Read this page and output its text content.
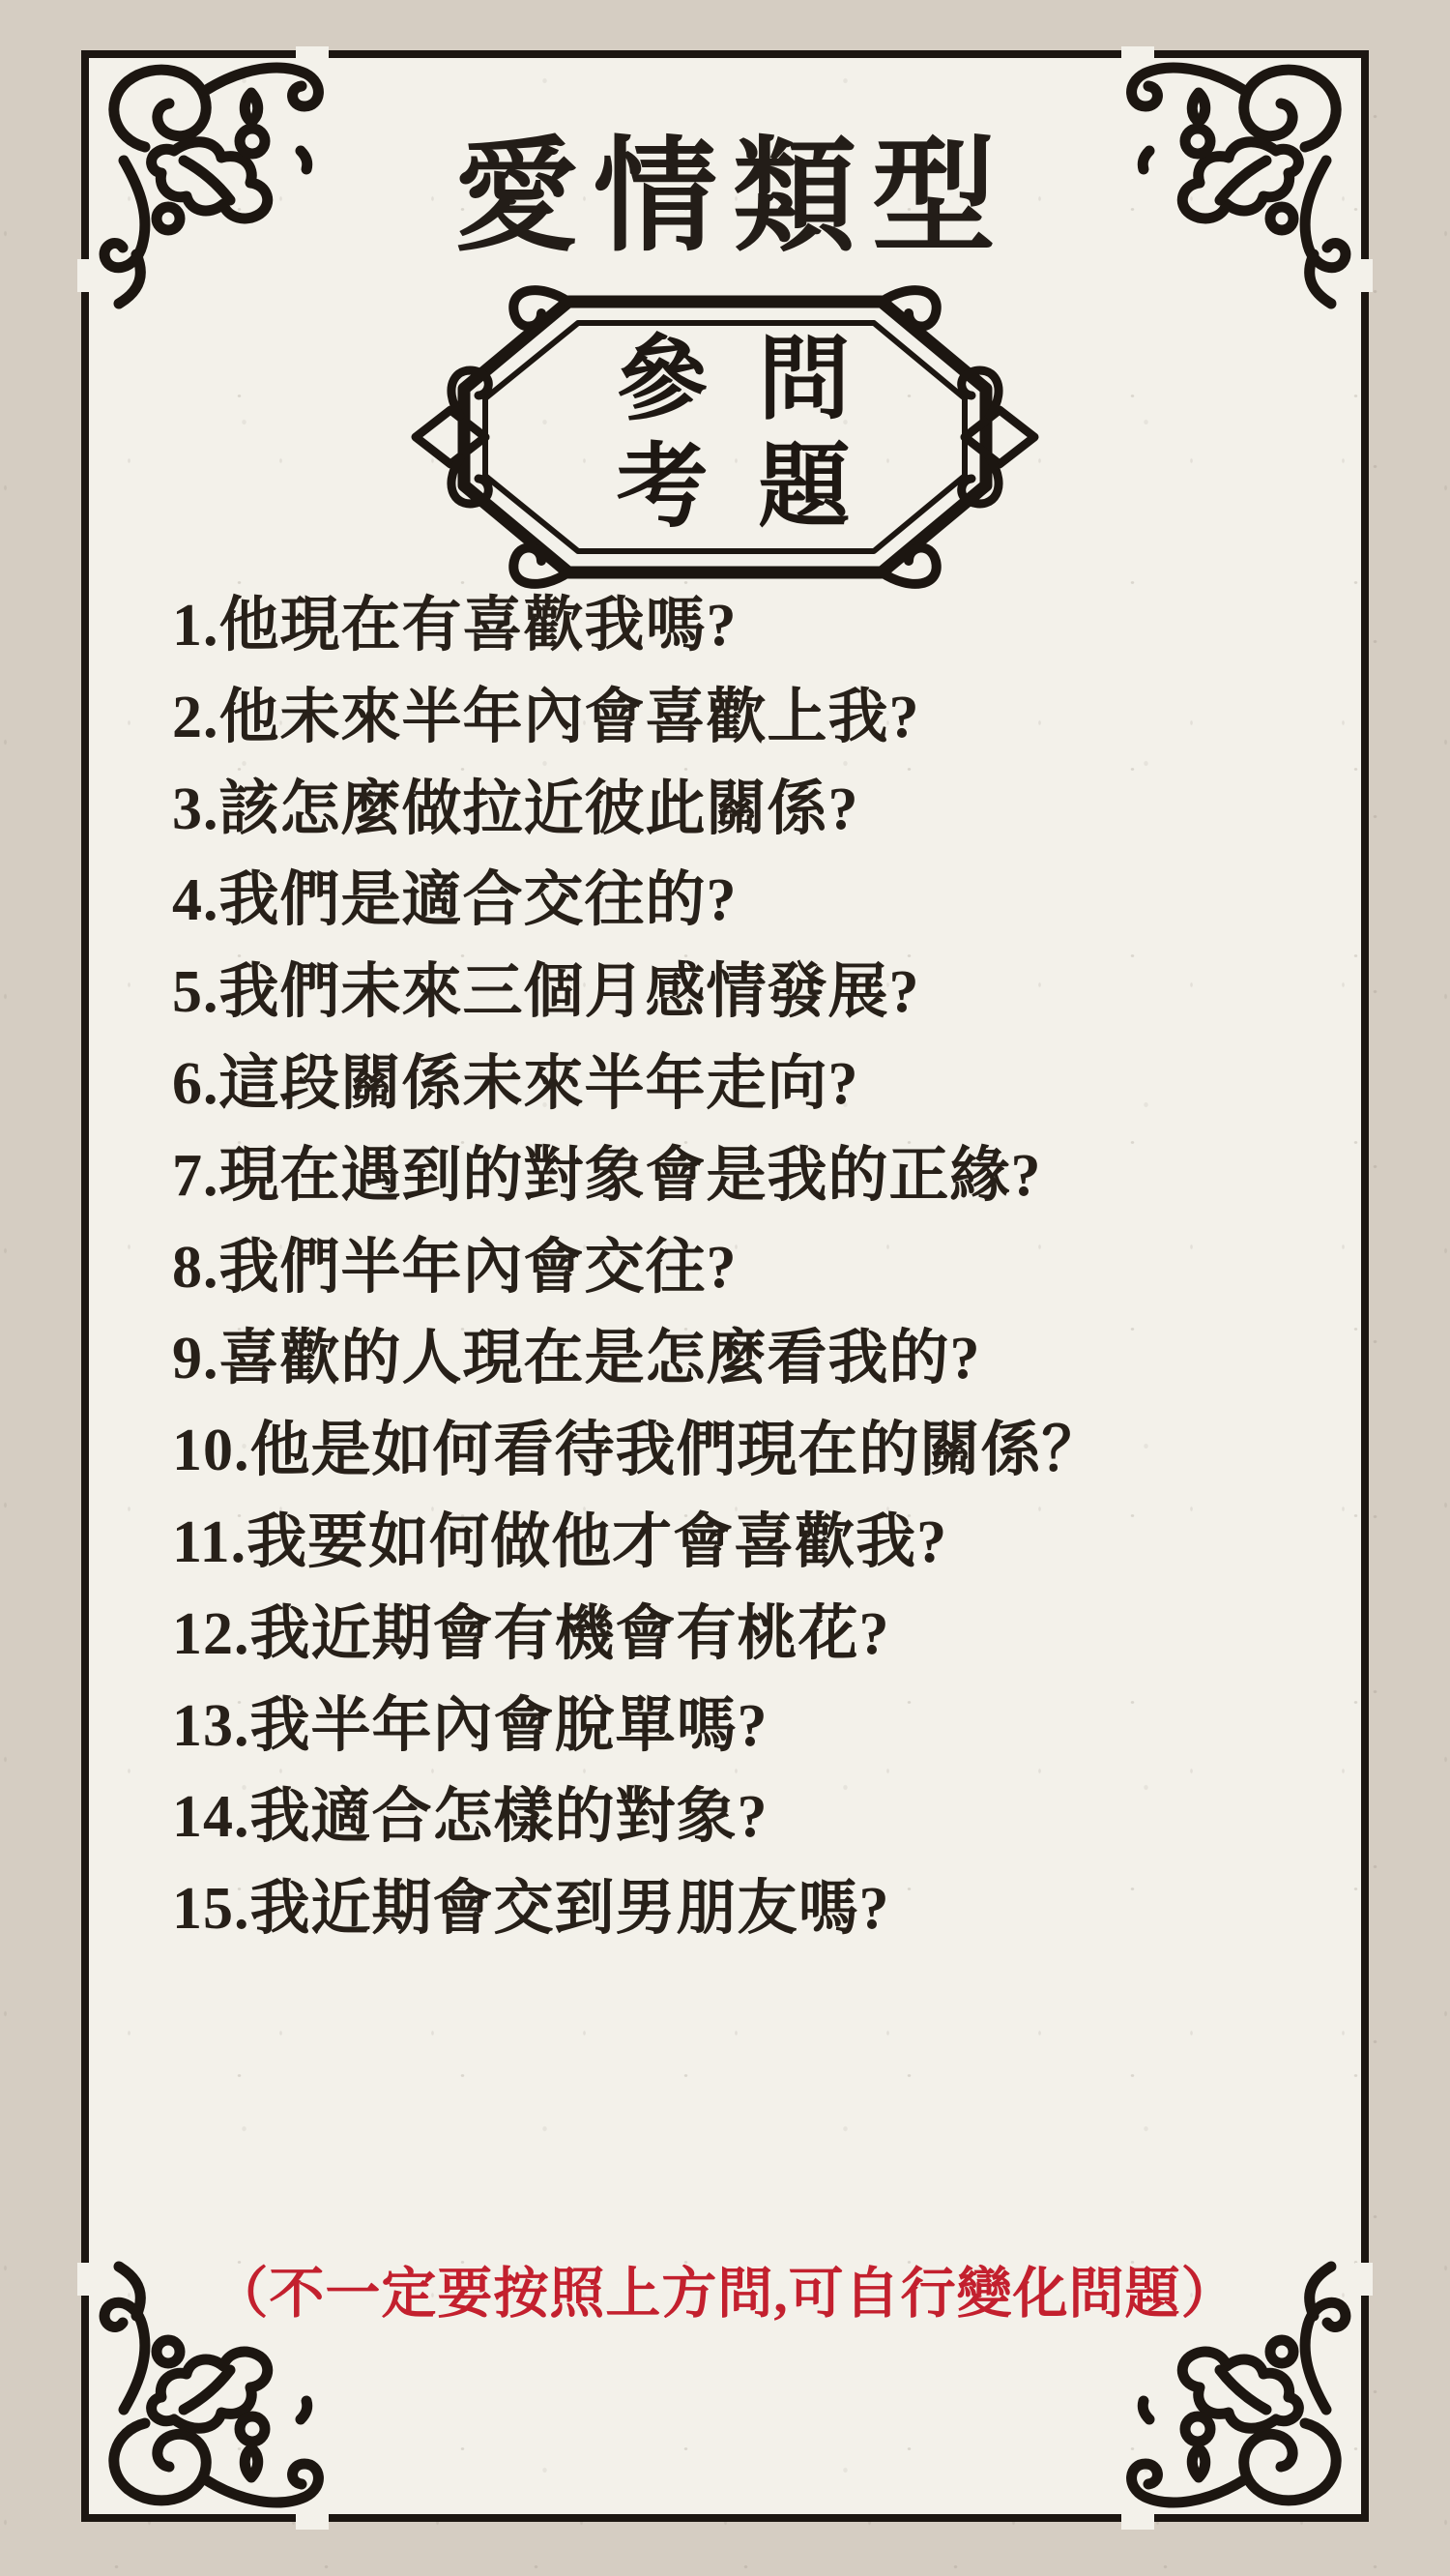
愛情類型
參考 問題
1.他現在有喜歡我嗎?
2.他未來半年內會喜歡上我?
3.該怎麼做拉近彼此關係?
4.我們是適合交往的?
5.我們未來三個月感情發展?
6.這段關係未來半年走向?
7.現在遇到的對象會是我的正緣?
8.我們半年內會交往?
9.喜歡的人現在是怎麼看我的?
10.他是如何看待我們現在的關係？
11.我要如何做他才會喜歡我?
12.我近期會有機會有桃花?
13.我半年內會脫單嗎?
14.我適合怎樣的對象?
15.我近期會交到男朋友嗎?
（不一定要按照上方問,可自行變化問題）
